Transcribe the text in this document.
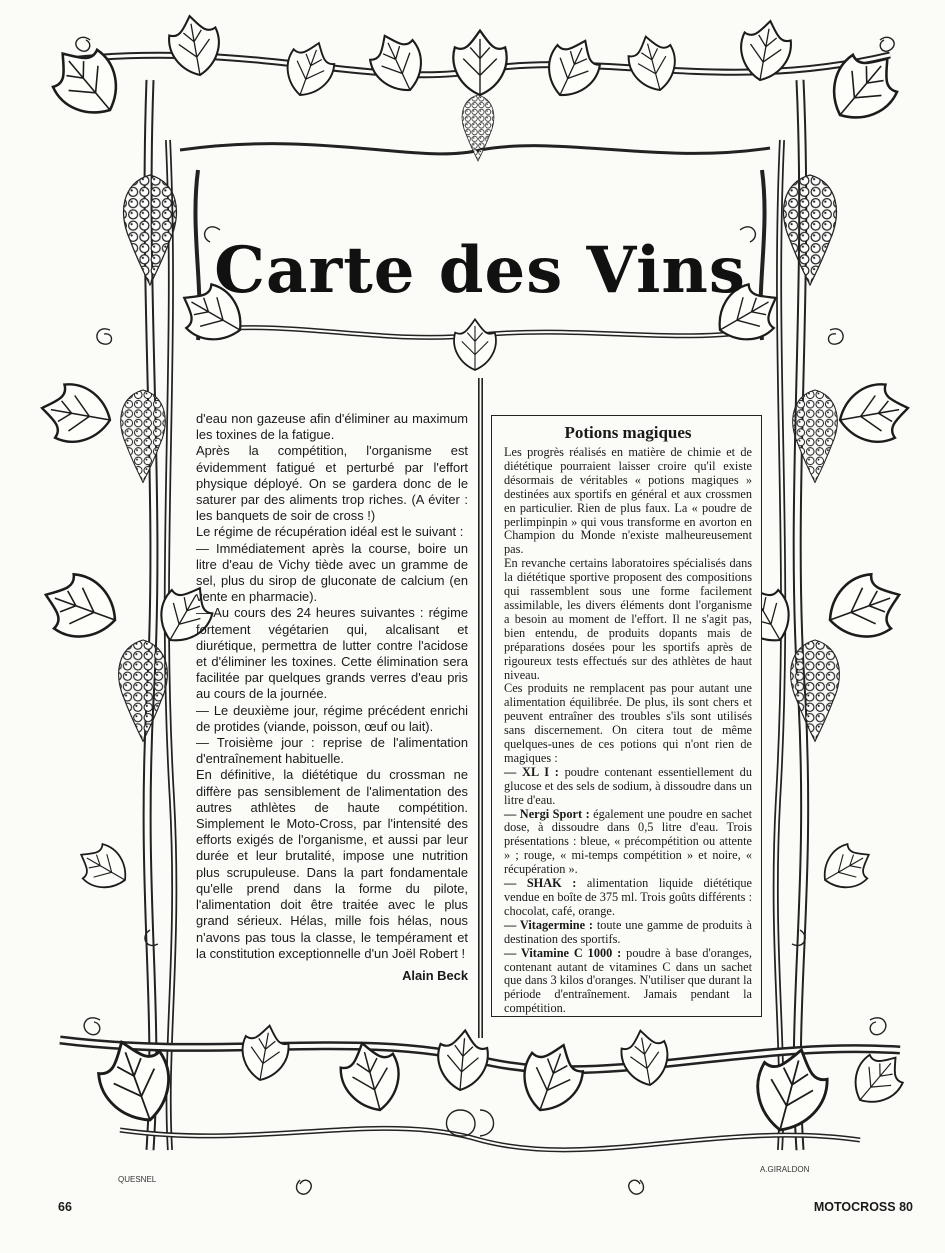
Carte des Vins

d'eau non gazeuse afin d'éliminer au maximum les toxines de la fatigue.

Après la compétition, l'organisme est évidemment fatigué et perturbé par l'effort physique déployé. On se gardera donc de le saturer par des aliments trop riches. (A éviter : les banquets de soir de cross !)

Le régime de récupération idéal est le suivant :

— Immédiatement après la course, boire un litre d'eau de Vichy tiède avec un gramme de sel, plus du sirop de gluconate de calcium (en vente en pharmacie).

— Au cours des 24 heures suivantes : régime fortement végétarien qui, alcalisant et diurétique, permettra de lutter contre l'acidose et d'éliminer les toxines. Cette élimination sera facilitée par quelques grands verres d'eau pris au cours de la journée.

— Le deuxième jour, régime précédent enrichi de protides (viande, poisson, œuf ou lait).

— Troisième jour : reprise de l'alimentation d'entraînement habituelle.

En définitive, la diététique du crossman ne diffère pas sensiblement de l'alimentation des autres athlètes de haute compétition. Simplement le Moto-Cross, par l'intensité des efforts exigés de l'organisme, et aussi par leur durée et leur brutalité, impose une nutrition plus scrupuleuse. Dans la part fondamentale qu'elle prend dans la forme du pilote, l'alimentation doit être traitée avec le plus grand sérieux. Hélas, mille fois hélas, nous n'avons pas tous la classe, le tempérament et la constitution exceptionnelle d'un Joël Robert !

Alain Beck

Potions magiques

Les progrès réalisés en matière de chimie et de diététique pourraient laisser croire qu'il existe désormais de véritables « potions magiques » destinées aux sportifs en général et aux crossmen en particulier. Rien de plus faux. La « poudre de perlimpinpin » qui vous transforme en avorton en Champion du Monde n'existe malheureusement pas.

En revanche certains laboratoires spécialisés dans la diététique sportive proposent des compositions qui rassemblent sous une forme facilement assimilable, les divers éléments dont l'organisme a besoin au moment de l'effort. Il ne s'agit pas, bien entendu, de produits dopants mais de préparations dosées pour les sportifs après de rigoureux tests effectués sur des athlètes de haut niveau.

Ces produits ne remplacent pas pour autant une alimentation équilibrée. De plus, ils sont chers et peuvent entraîner des troubles s'ils sont utilisés sans discernement. On citera tout de même quelques-unes de ces potions qui n'ont rien de magiques :

— XL I : poudre contenant essentiellement du glucose et des sels de sodium, à dissoudre dans un litre d'eau.

— Nergi Sport : également une poudre en sachet dose, à dissoudre dans 0,5 litre d'eau. Trois présentations : bleue, « précompétition ou attente » ; rouge, « mi-temps compétition » et noire, « récupération ».

— SHAK : alimentation liquide diététique vendue en boîte de 375 ml. Trois goûts différents : chocolat, café, orange.

— Vitagermine : toute une gamme de produits à destination des sportifs.

— Vitamine C 1000 : poudre à base d'oranges, contenant autant de vitamines C dans un sachet que dans 3 kilos d'oranges. N'utiliser que durant la période d'entraînement. Jamais pendant la compétition.

QUESNEL
A.GIRALDON
66	MOTOCROSS 80
